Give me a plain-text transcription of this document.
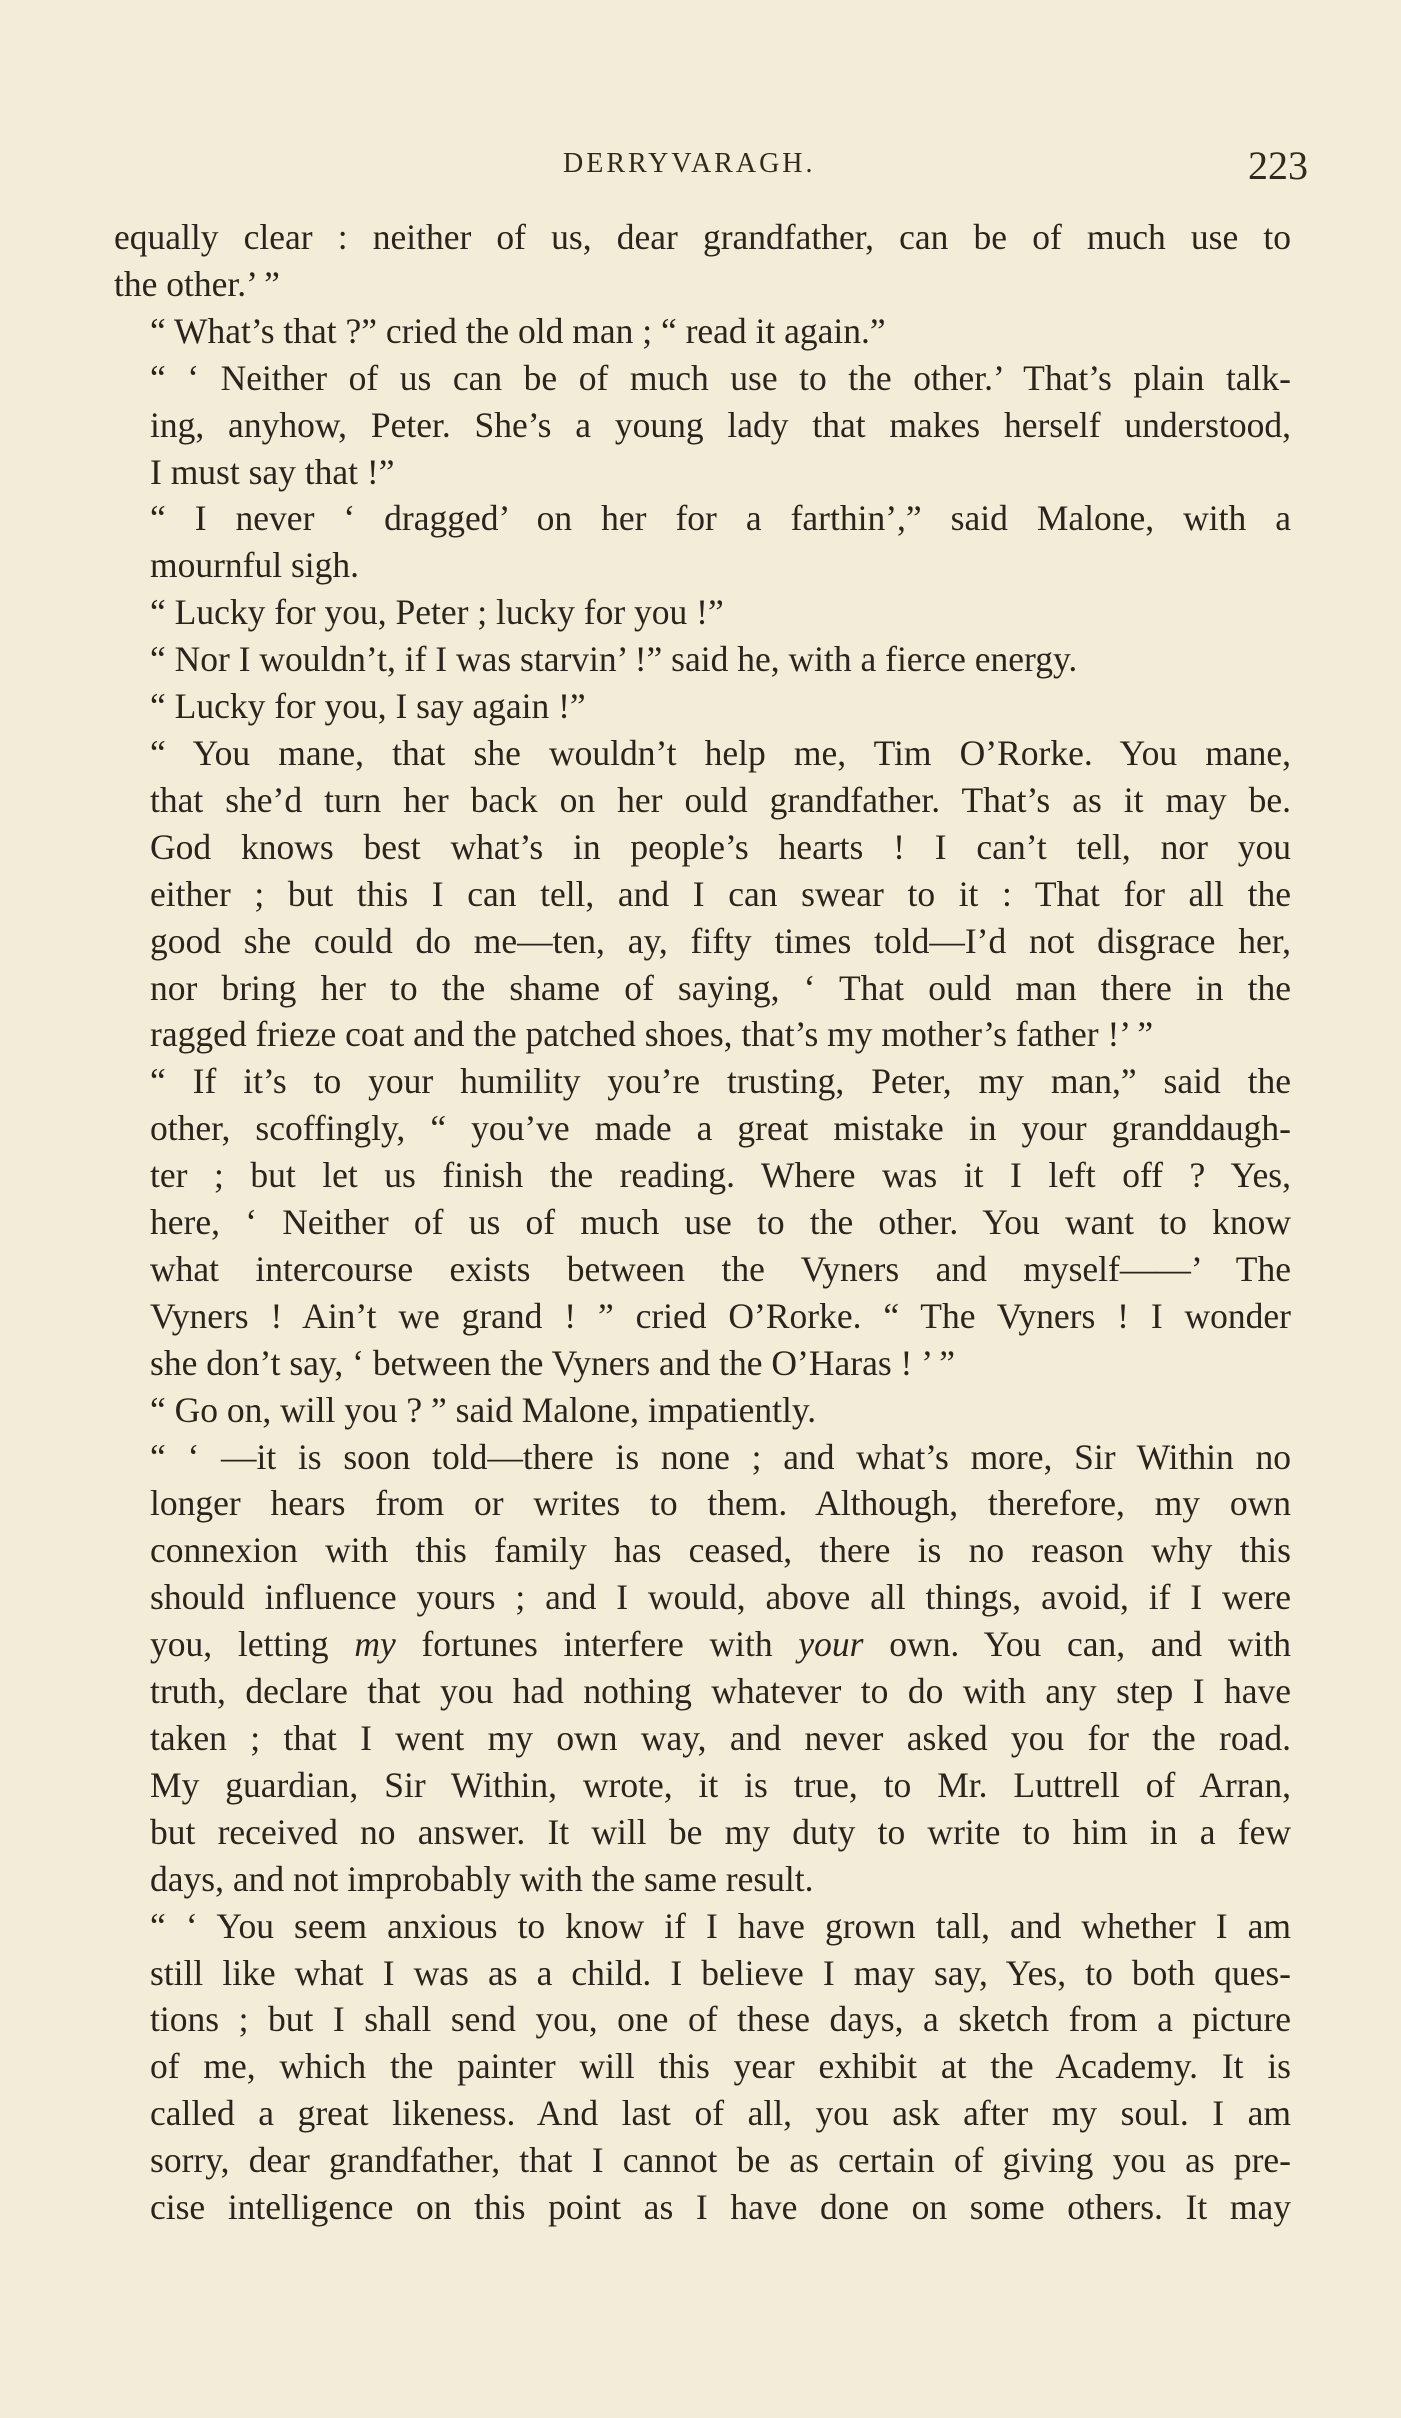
DERRYVARAGH.	223

equally clear : neither of us, dear grandfather, can be of much use to
the other.’ ”

“ What’s that ?” cried the old man ; “ read it again.”

“ ‘ Neither of us can be of much use to the other.’ That’s plain talk-
ing, anyhow, Peter. She’s a young lady that makes herself understood,
I must say that !”

“ I never ‘ dragged’ on her for a farthin’,” said Malone, with a
mournful sigh.

“ Lucky for you, Peter ; lucky for you !”

“ Nor I wouldn’t, if I was starvin’ !” said he, with a fierce energy.

“ Lucky for you, I say again !”

“ You mane, that she wouldn’t help me, Tim O’Rorke. You mane,
that she’d turn her back on her ould grandfather. That’s as it may be.
God knows best what’s in people’s hearts ! I can’t tell, nor you
either ; but this I can tell, and I can swear to it : That for all the
good she could do me—ten, ay, fifty times told—I’d not disgrace her,
nor bring her to the shame of saying, ‘ That ould man there in the
ragged frieze coat and the patched shoes, that’s my mother’s father !’ ”

“ If it’s to your humility you’re trusting, Peter, my man,” said the
other, scoffingly, “ you’ve made a great mistake in your granddaugh-
ter ; but let us finish the reading. Where was it I left off ? Yes,
here, ‘ Neither of us of much use to the other. You want to know
what intercourse exists between the Vyners and myself——’ The
Vyners ! Ain’t we grand ! ” cried O’Rorke. “ The Vyners ! I wonder
she don’t say, ‘ between the Vyners and the O’Haras ! ’ ”

“ Go on, will you ? ” said Malone, impatiently.

“ ‘ —it is soon told—there is none ; and what’s more, Sir Within no
longer hears from or writes to them. Although, therefore, my own
connexion with this family has ceased, there is no reason why this
should influence yours ; and I would, above all things, avoid, if I were
you, letting my fortunes interfere with your own. You can, and with
truth, declare that you had nothing whatever to do with any step I have
taken ; that I went my own way, and never asked you for the road.
My guardian, Sir Within, wrote, it is true, to Mr. Luttrell of Arran,
but received no answer. It will be my duty to write to him in a few
days, and not improbably with the same result.

“ ‘ You seem anxious to know if I have grown tall, and whether I am
still like what I was as a child. I believe I may say, Yes, to both ques-
tions ; but I shall send you, one of these days, a sketch from a picture
of me, which the painter will this year exhibit at the Academy. It is
called a great likeness. And last of all, you ask after my soul. I am
sorry, dear grandfather, that I cannot be as certain of giving you as pre-
cise intelligence on this point as I have done on some others. It may
